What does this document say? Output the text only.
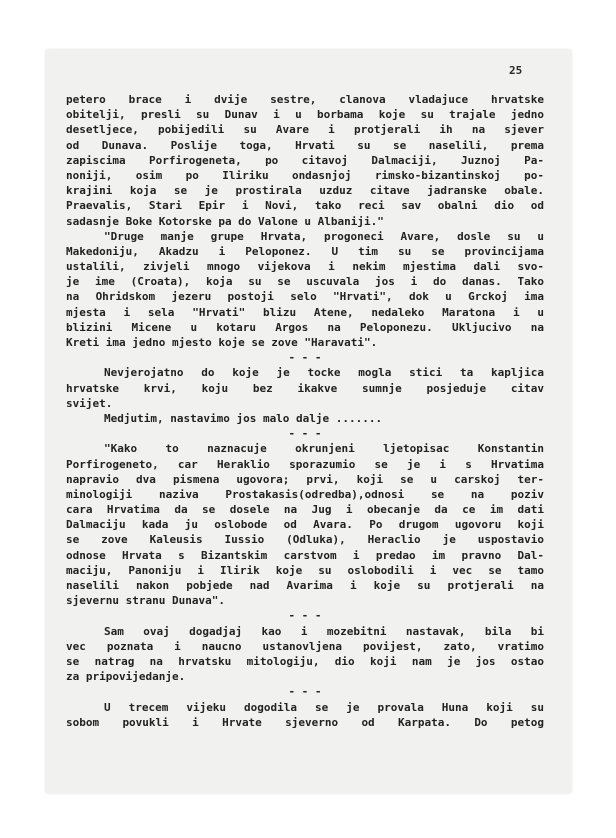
25
petero brace i dvije sestre, clanova vladajuce hrvatske
obitelji, presli su Dunav i u borbama koje su trajale jedno
desetljece, pobijedili su Avare i protjerali ih na sjever
od Dunava. Poslije toga, Hrvati su se naselili, prema
zapiscima Porfirogeneta, po citavoj Dalmaciji, Juznoj Pa-
noniji, osim po Iliriku ondasnjoj rimsko-bizantinskoj po-
krajini koja se je prostirala uzduz citave jadranske obale.
Praevalis, Stari Epir i Novi, tako reci sav obalni dio od
sadasnje Boke Kotorske pa do Valone u Albaniji."
"Druge manje grupe Hrvata, progoneci Avare, dosle su u
Makedoniju, Akadzu i Peloponez. U tim su se provincijama
ustalili, zivjeli mnogo vijekova i nekim mjestima dali svo-
je ime (Croata), koja su se uscuvala jos i do danas. Tako
na Ohridskom jezeru postoji selo "Hrvati", dok u Grckoj ima
mjesta i sela "Hrvati" blizu Atene, nedaleko Maratona i u
blizini Micene u kotaru Argos na Peloponezu. Ukljucivo na
Kreti ima jedno mjesto koje se zove "Haravati".
- - -
Nevjerojatno do koje je tocke mogla stici ta kapljica
hrvatske krvi, koju bez ikakve sumnje posjeduje citav
svijet.
Medjutim, nastavimo jos malo dalje .......
- - -
"Kako to naznacuje okrunjeni ljetopisac Konstantin
Porfirogeneto, car Heraklio sporazumio se je i s Hrvatima
napravio dva pismena ugovora; prvi, koji se u carskoj ter-
minologiji naziva Prostakasis(odredba),odnosi se na poziv
cara Hrvatima da se dosele na Jug i obecanje da ce im dati
Dalmaciju kada ju oslobode od Avara. Po drugom ugovoru koji
se zove Kaleusis Iussio (Odluka), Heraclio je uspostavio
odnose Hrvata s Bizantskim carstvom i predao im pravno Dal-
maciju, Panoniju i Ilirik koje su oslobodili i vec se tamo
naselili nakon pobjede nad Avarima i koje su protjerali na
sjevernu stranu Dunava".
- - -
Sam ovaj dogadjaj kao i mozebitni nastavak, bila bi
vec poznata i naucno ustanovljena povijest, zato, vratimo
se natrag na hrvatsku mitologiju, dio koji nam je jos ostao
za pripovijedanje.
- - -
U trecem vijeku dogodila se je provala Huna koji su
sobom povukli i Hrvate sjeverno od Karpata. Do petog
